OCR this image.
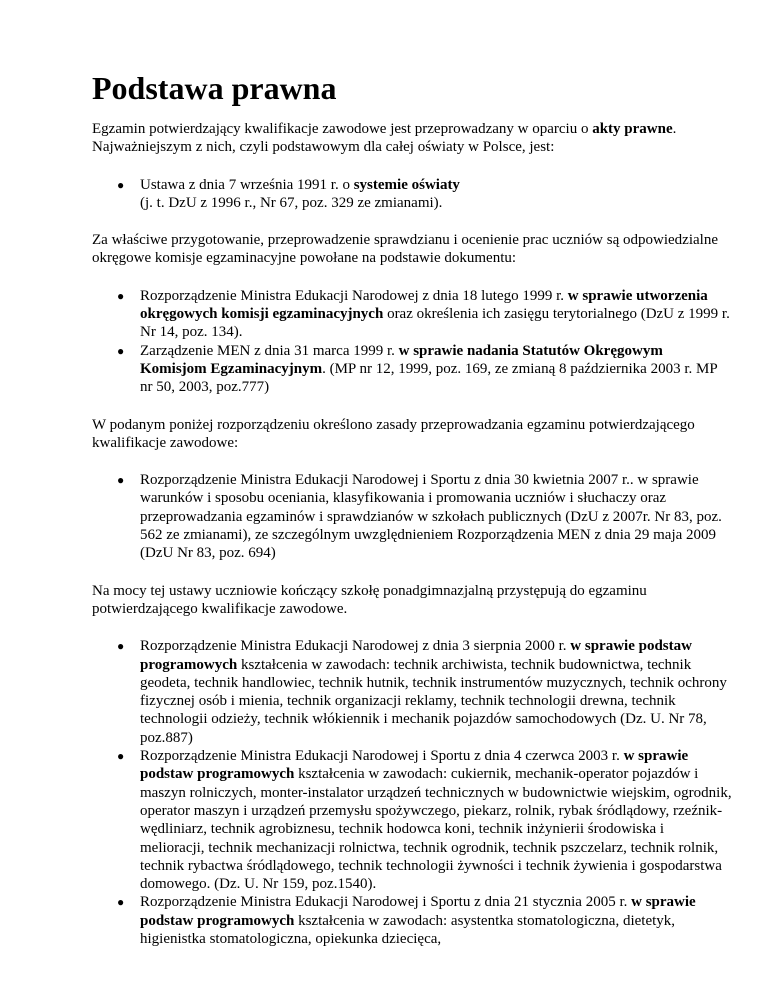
Podstawa prawna

Egzamin potwierdzający kwalifikacje zawodowe jest przeprowadzany w oparciu o akty prawne.
Najważniejszym z nich, czyli podstawowym dla całej oświaty w Polsce, jest:

● Ustawa z dnia 7 września 1991 r. o systemie oświaty
(j. t. DzU z 1996 r., Nr 67, poz. 329 ze zmianami).

Za właściwe przygotowanie, przeprowadzenie sprawdzianu i ocenienie prac uczniów są odpowiedzialne okręgowe komisje egzaminacyjne powołane na podstawie dokumentu:

● Rozporządzenie Ministra Edukacji Narodowej z dnia 18 lutego 1999 r. w sprawie utworzenia okręgowych komisji egzaminacyjnych oraz określenia ich zasięgu terytorialnego (DzU z 1999 r. Nr 14, poz. 134).
● Zarządzenie MEN z dnia 31 marca 1999 r. w sprawie nadania Statutów Okręgowym Komisjom Egzaminacyjnym. (MP nr 12, 1999, poz. 169, ze zmianą 8 października 2003 r. MP nr 50, 2003, poz.777)

W podanym poniżej rozporządzeniu określono zasady przeprowadzania egzaminu potwierdzającego kwalifikacje zawodowe:

● Rozporządzenie Ministra Edukacji Narodowej i Sportu z dnia 30 kwietnia 2007 r.. w sprawie warunków i sposobu oceniania, klasyfikowania i promowania uczniów i słuchaczy oraz przeprowadzania egzaminów i sprawdzianów w szkołach publicznych (DzU z 2007r. Nr 83, poz. 562 ze zmianami), ze szczególnym uwzględnieniem Rozporządzenia MEN z dnia 29 maja 2009 (DzU Nr 83, poz. 694)

Na mocy tej ustawy uczniowie kończący szkołę ponadgimnazjalną przystępują do egzaminu potwierdzającego kwalifikacje zawodowe.

● Rozporządzenie Ministra Edukacji Narodowej z dnia 3 sierpnia 2000 r. w sprawie podstaw programowych kształcenia w zawodach: technik archiwista, technik budownictwa, technik geodeta, technik handlowiec, technik hutnik, technik instrumentów muzycznych, technik ochrony fizycznej osób i mienia, technik organizacji reklamy, technik technologii drewna, technik technologii odzieży, technik włókiennik i mechanik pojazdów samochodowych (Dz. U. Nr 78, poz.887)
● Rozporządzenie Ministra Edukacji Narodowej i Sportu z dnia 4 czerwca 2003 r. w sprawie podstaw programowych kształcenia w zawodach: cukiernik, mechanik-operator pojazdów i maszyn rolniczych, monter-instalator urządzeń technicznych w budownictwie wiejskim, ogrodnik, operator maszyn i urządzeń przemysłu spożywczego, piekarz, rolnik, rybak śródlądowy, rzeźnik-wędliniarz, technik agrobiznesu, technik hodowca koni, technik inżynierii środowiska i melioracji, technik mechanizacji rolnictwa, technik ogrodnik, technik pszczelarz, technik rolnik, technik rybactwa śródlądowego, technik technologii żywności i technik żywienia i gospodarstwa domowego. (Dz. U. Nr 159, poz.1540).
● Rozporządzenie Ministra Edukacji Narodowej i Sportu z dnia 21 stycznia 2005 r. w sprawie podstaw programowych kształcenia w zawodach: asystentka stomatologiczna, dietetyk, higienistka stomatologiczna, opiekunka dziecięca,
